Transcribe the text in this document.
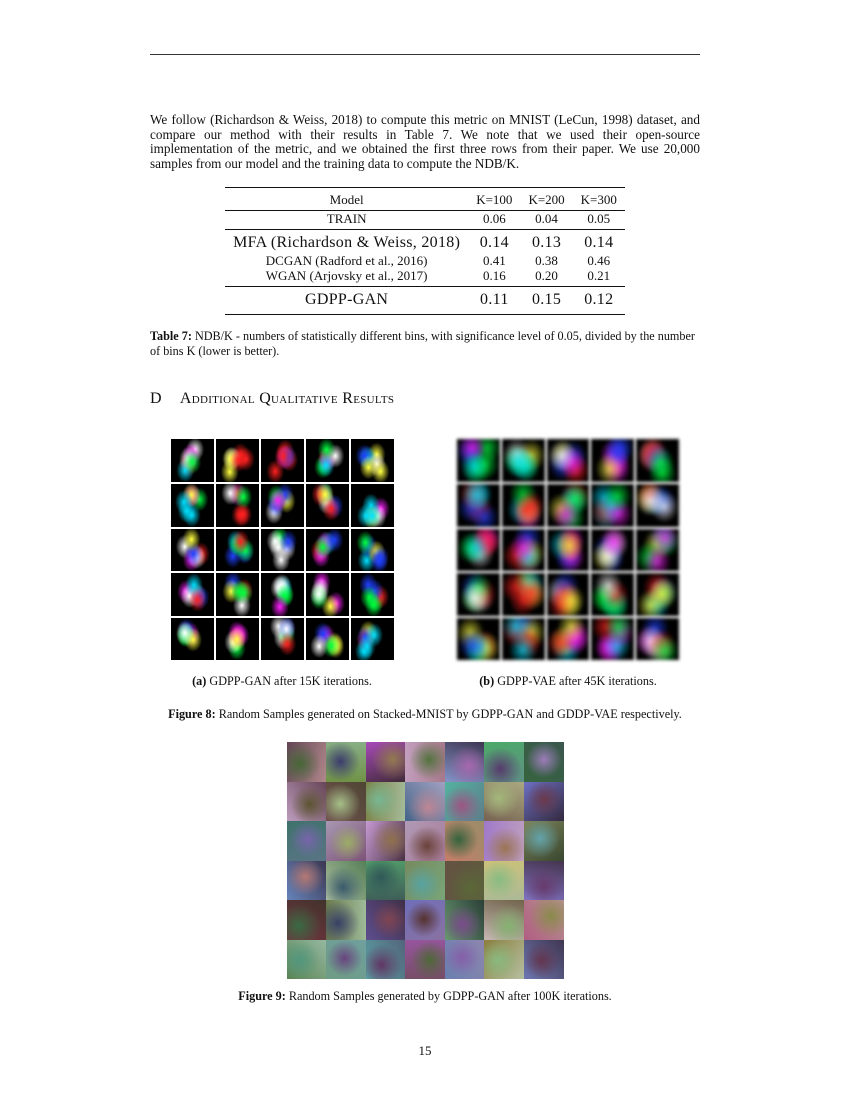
We follow (Richardson & Weiss, 2018) to compute this metric on MNIST (LeCun, 1998) dataset, and compare our method with their results in Table 7. We note that we used their open-source implementation of the metric, and we obtained the first three rows from their paper. We use 20,000 samples from our model and the training data to compute the NDB/K.
Model	K=100	K=200	K=300
TRAIN	0.06	0.04	0.05
MFA (Richardson & Weiss, 2018)	0.14	0.13	0.14
DCGAN (Radford et al., 2016)	0.41	0.38	0.46
WGAN (Arjovsky et al., 2017)	0.16	0.20	0.21
GDPP-GAN	0.11	0.15	0.12
Table 7: NDB/K - numbers of statistically different bins, with significance level of 0.05, divided by the number of bins K (lower is better).
D Additional Qualitative Results
(a) GDPP-GAN after 15K iterations.	(b) GDPP-VAE after 45K iterations.
Figure 8: Random Samples generated on Stacked-MNIST by GDPP-GAN and GDDP-VAE respectively.
Figure 9: Random Samples generated by GDPP-GAN after 100K iterations.
15
